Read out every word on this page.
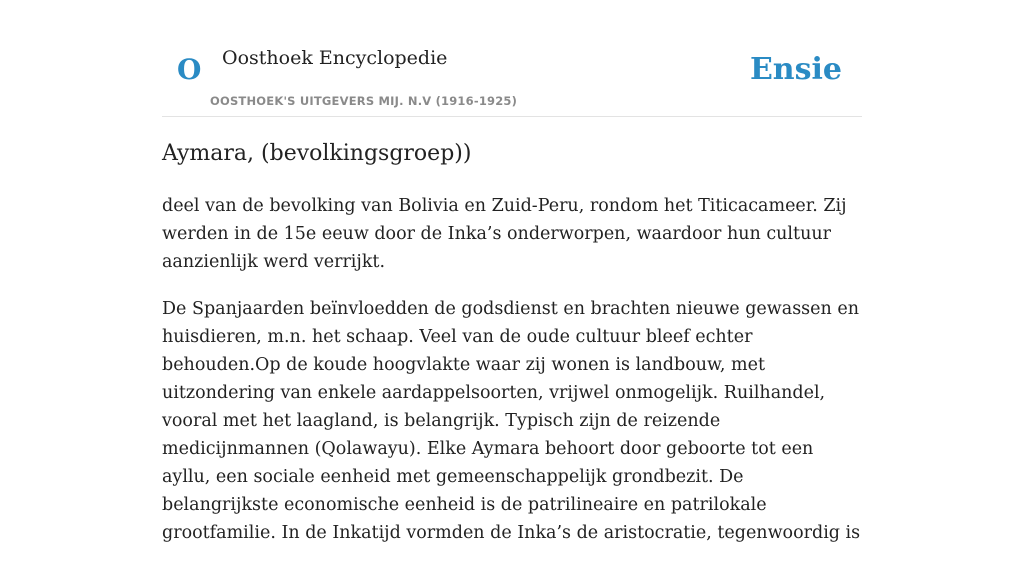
O Oosthoek Encyclopedie
OOSTHOEK'S UITGEVERS MIJ. N.V (1916-1925)
Ensie
Aymara, (bevolkingsgroep))

deel van de bevolking van Bolivia en Zuid-Peru, rondom het Titicacameer. Zij werden in de 15e eeuw door de Inka’s onderworpen, waardoor hun cultuur aanzienlijk werd verrijkt.

De Spanjaarden beïnvloedden de godsdienst en brachten nieuwe gewassen en huisdieren, m.n. het schaap. Veel van de oude cultuur bleef echter behouden.Op de koude hoogvlakte waar zij wonen is landbouw, met uitzondering van enkele aardappelsoorten, vrijwel onmogelijk. Ruilhandel, vooral met het laagland, is belangrijk. Typisch zijn de reizende medicijnmannen (Qolawayu). Elke Aymara behoort door geboorte tot een ayllu, een sociale eenheid met gemeenschappelijk grondbezit. De belangrijkste economische eenheid is de patrilineaire en patrilokale grootfamilie. In de Inkatijd vormden de Inka’s de aristocratie, tegenwoordig is
